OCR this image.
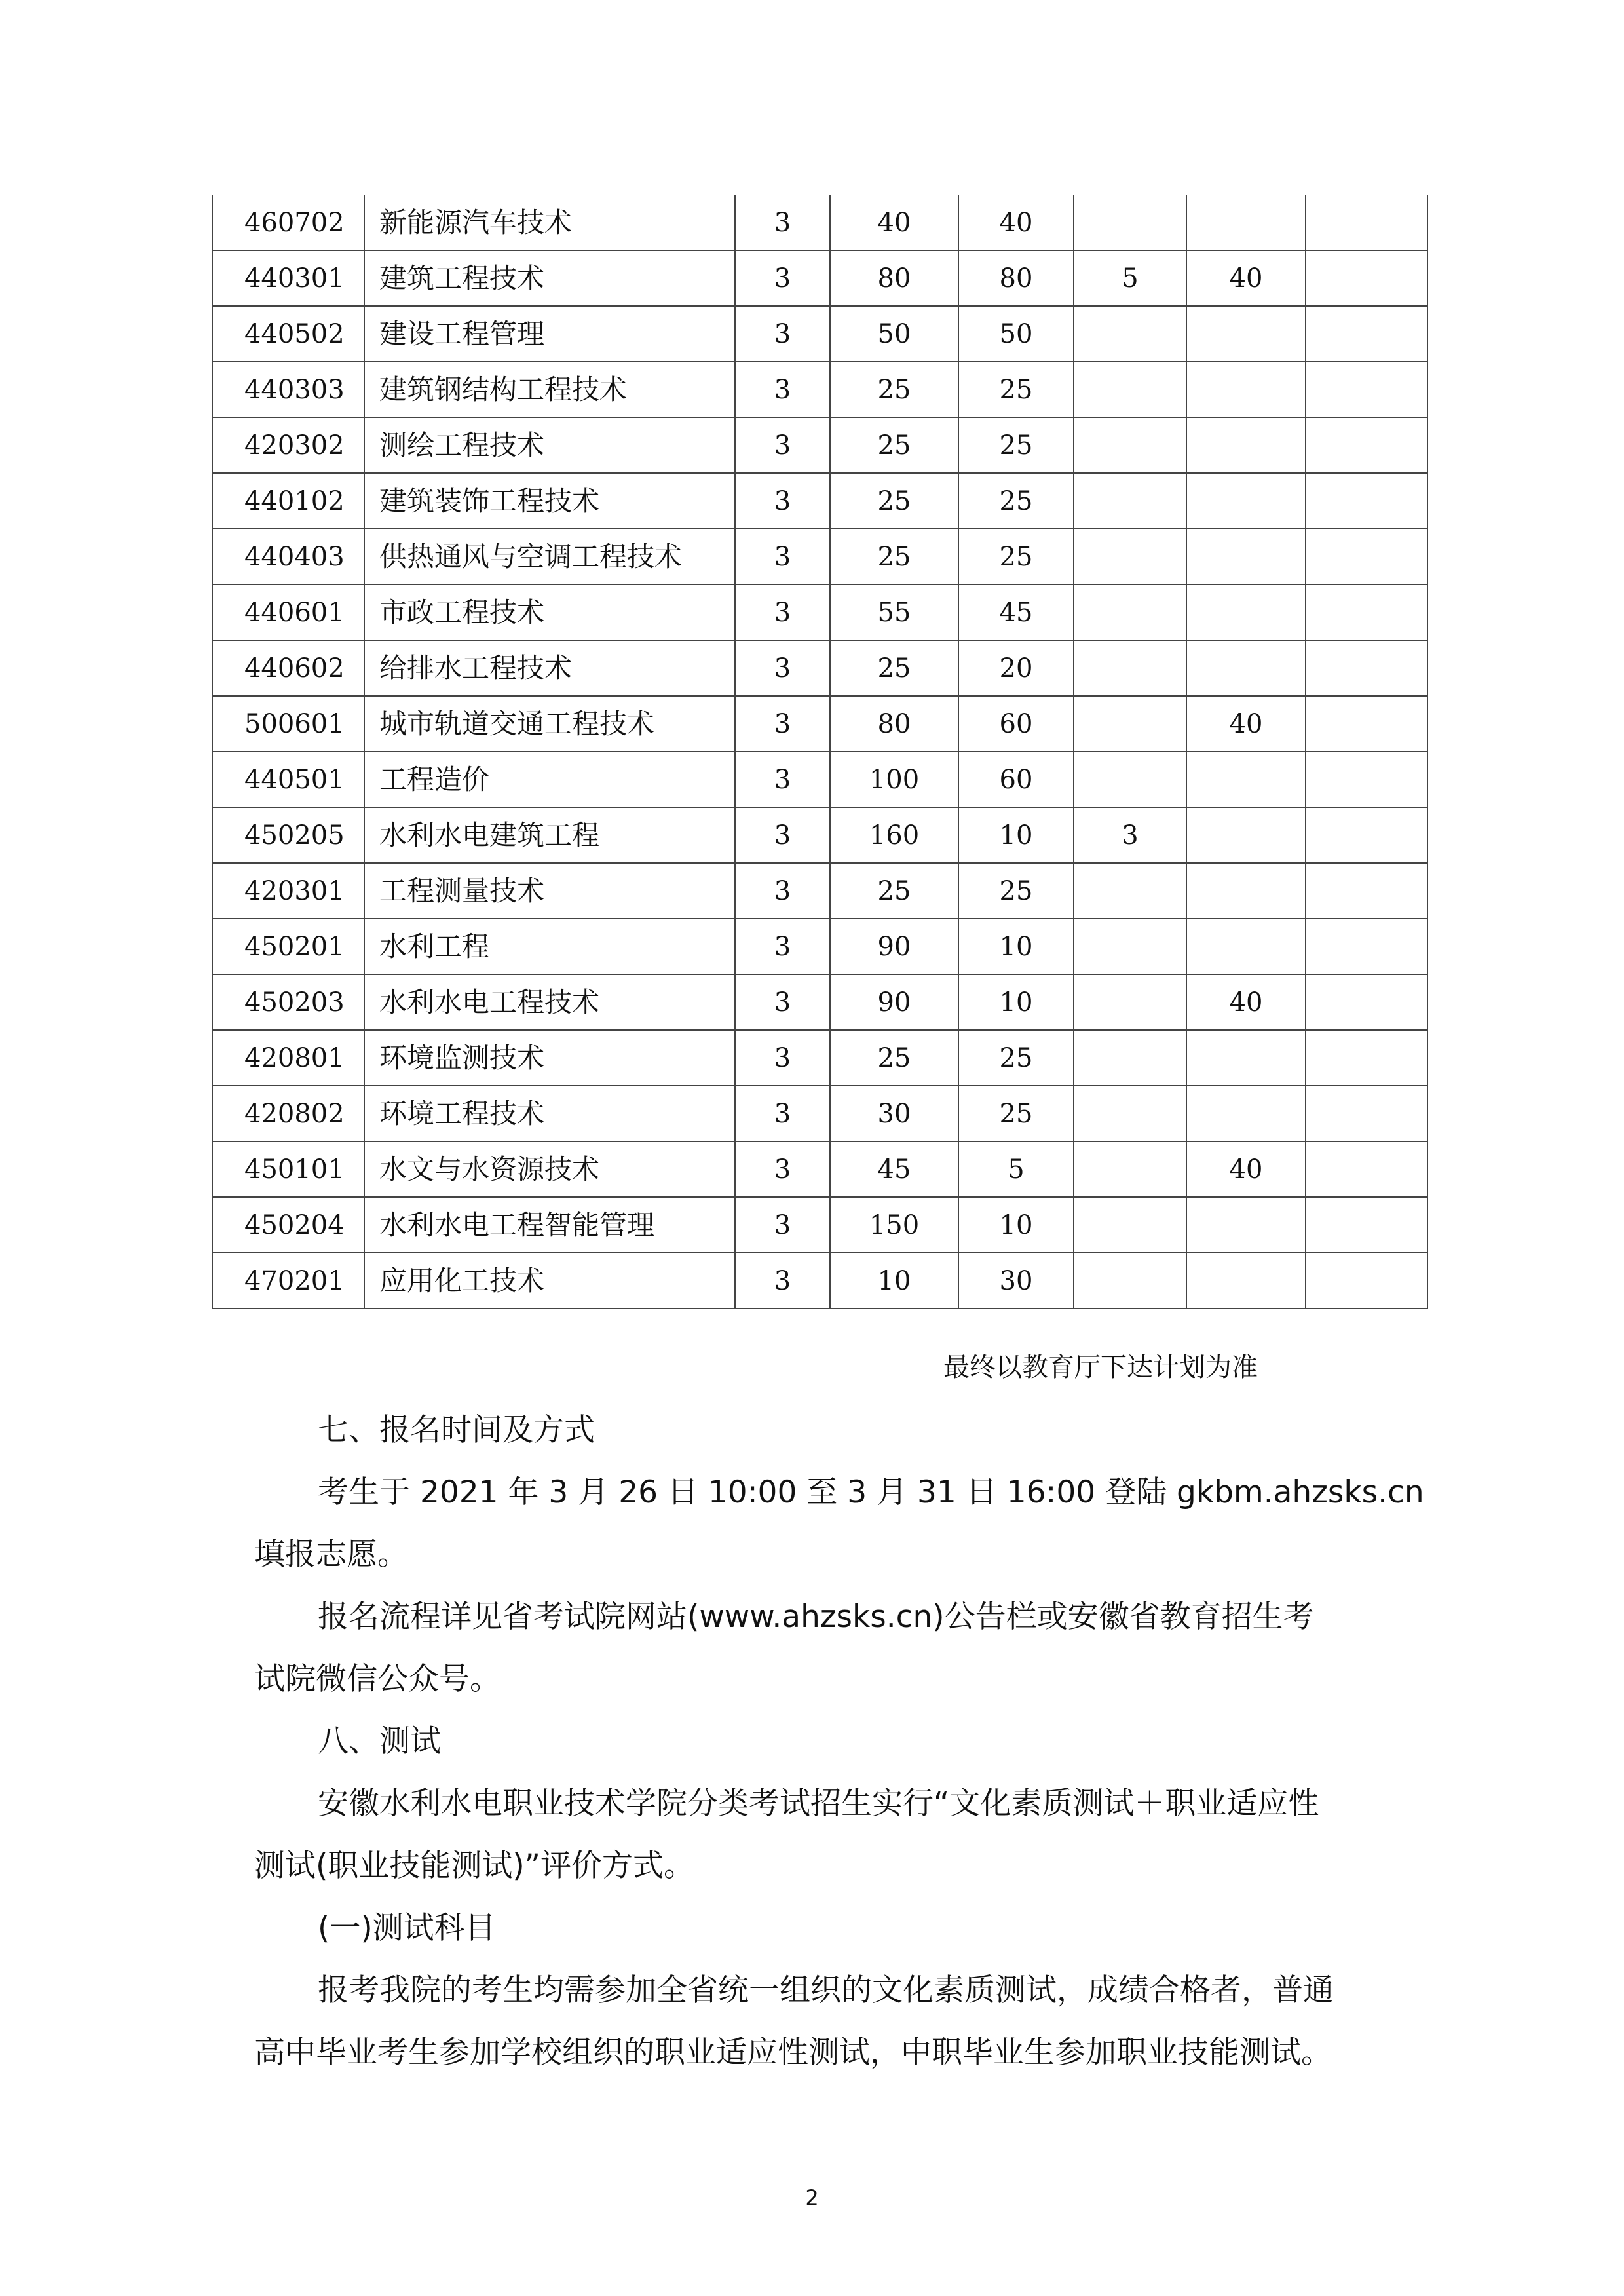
460702	新能源汽车技术	3	40	40			
440301	建筑工程技术	3	80	80	5	40	
440502	建设工程管理	3	50	50			
440303	建筑钢结构工程技术	3	25	25			
420302	测绘工程技术	3	25	25			
440102	建筑装饰工程技术	3	25	25			
440403	供热通风与空调工程技术	3	25	25			
440601	市政工程技术	3	55	45			
440602	给排水工程技术	3	25	20			
500601	城市轨道交通工程技术	3	80	60		40	
440501	工程造价	3	100	60			
450205	水利水电建筑工程	3	160	10	3		
420301	工程测量技术	3	25	25			
450201	水利工程	3	90	10			
450203	水利水电工程技术	3	90	10		40	
420801	环境监测技术	3	25	25			
420802	环境工程技术	3	30	25			
450101	水文与水资源技术	3	45	5		40	
450204	水利水电工程智能管理	3	150	10			
470201	应用化工技术	3	10	30			
最终以教育厅下达计划为准
七、报名时间及方式
考生于 2021 年 3 月 26 日 10:00 至 3 月 31 日 16:00 登陆 gkbm.ahzsks.cn
填报志愿。
报名流程详见省考试院网站(www.ahzsks.cn)公告栏或安徽省教育招生考
试院微信公众号。
八、测试
安徽水利水电职业技术学院分类考试招生实行“文化素质测试＋职业适应性
测试(职业技能测试)”评价方式。
(一)测试科目
报考我院的考生均需参加全省统一组织的文化素质测试，成绩合格者，普通
高中毕业考生参加学校组织的职业适应性测试，中职毕业生参加职业技能测试。
2
